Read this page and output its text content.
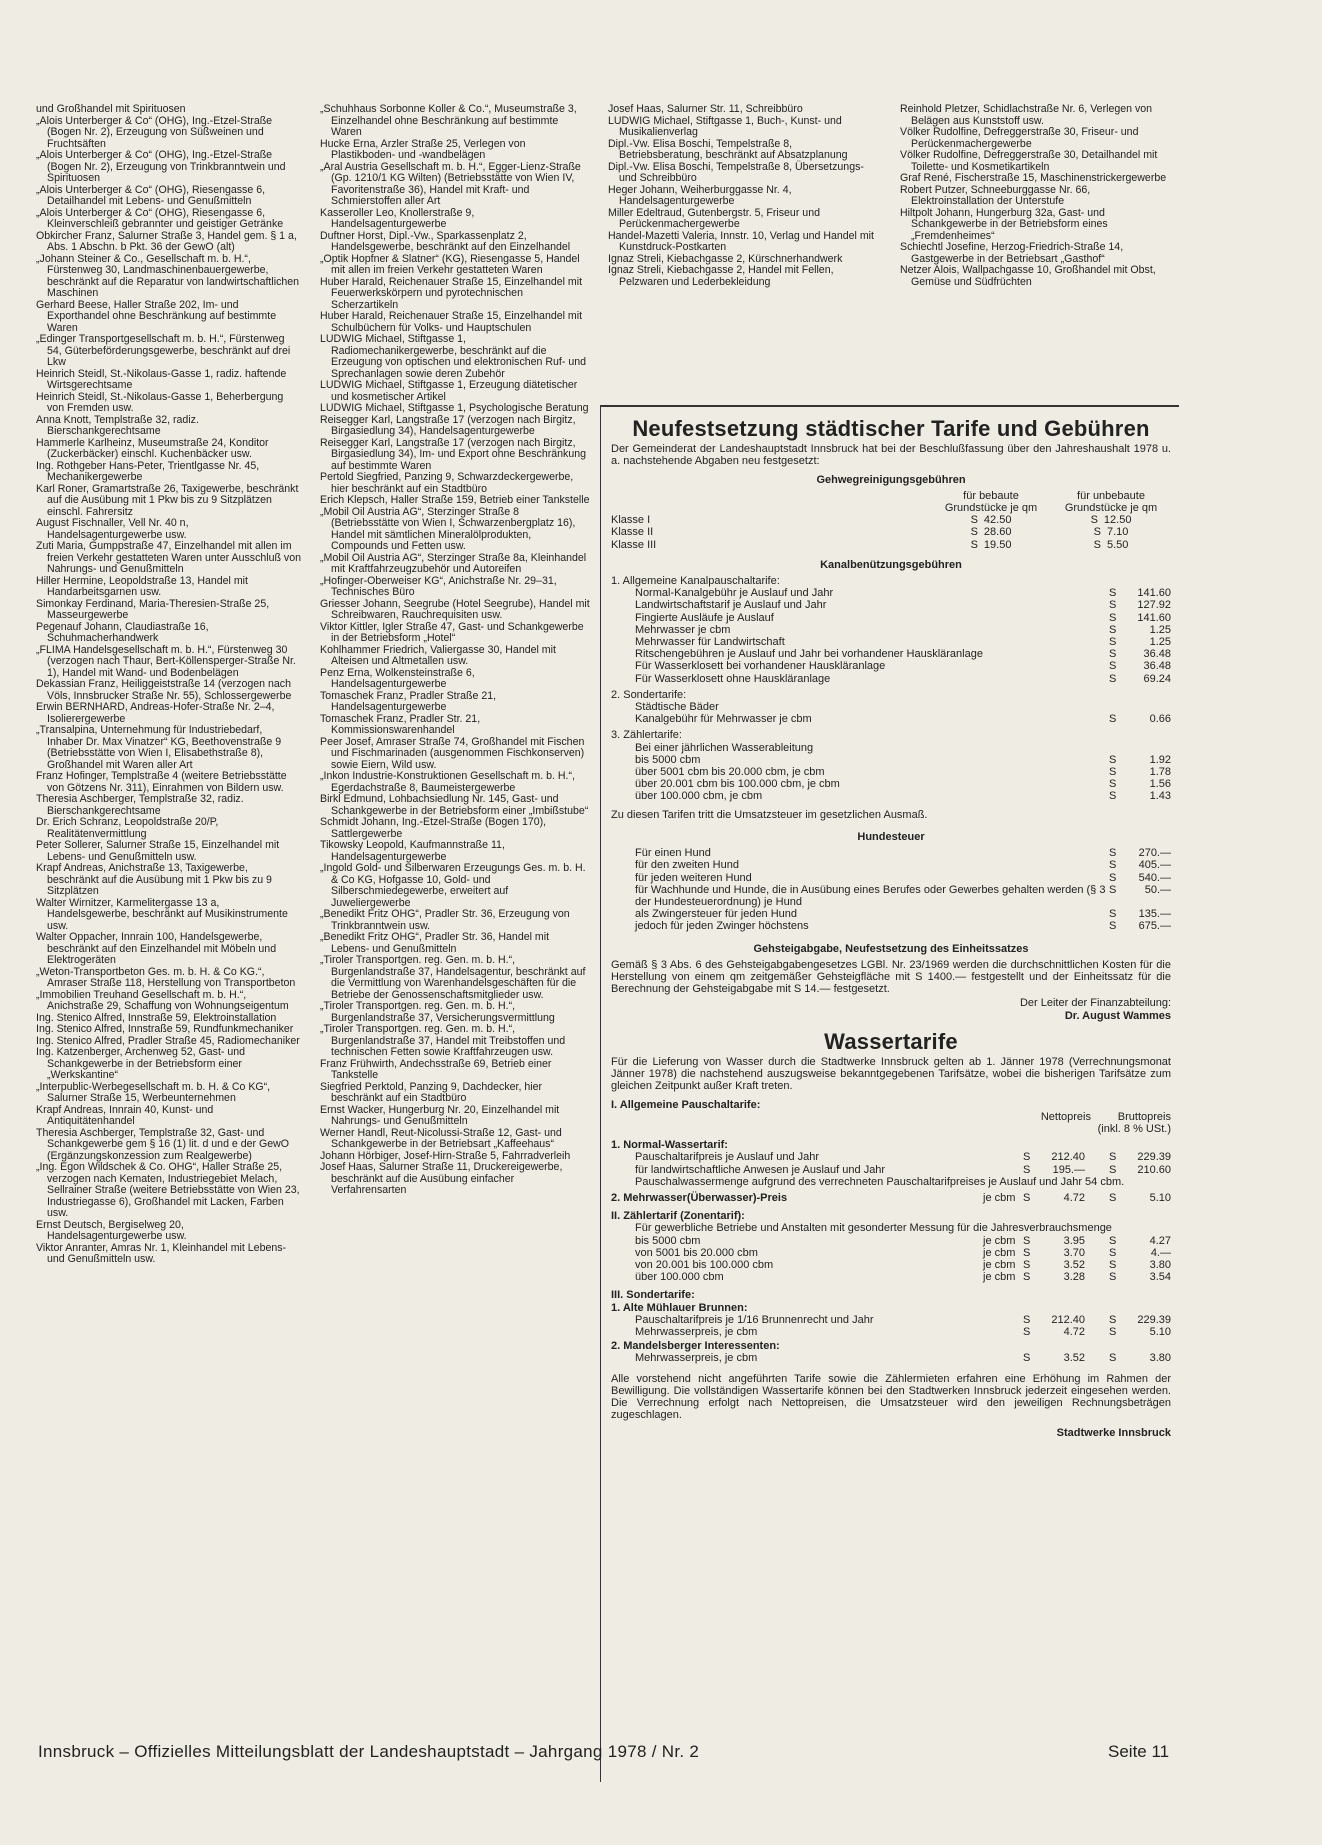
und Großhandel mit Spirituosen

„Alois Unterberger & Co“ (OHG), Ing.-Etzel-Straße (Bogen Nr. 2), Erzeugung von Süßweinen und Fruchtsäften

„Alois Unterberger & Co“ (OHG), Ing.-Etzel-Straße (Bogen Nr. 2), Erzeugung von Trinkbranntwein und Spirituosen

„Alois Unterberger & Co“ (OHG), Riesengasse 6, Detailhandel mit Lebens- und Genußmitteln

„Alois Unterberger & Co“ (OHG), Riesengasse 6, Kleinverschleiß gebrannter und geistiger Getränke

Obkircher Franz, Salurner Straße 3, Handel gem. § 1 a, Abs. 1 Abschn. b Pkt. 36 der GewO (alt)

„Johann Steiner & Co., Gesellschaft m. b. H.“, Fürstenweg 30, Landmaschinenbauergewerbe, beschränkt auf die Reparatur von landwirtschaftlichen Maschinen

Gerhard Beese, Haller Straße 202, Im- und Exporthandel ohne Beschränkung auf bestimmte Waren

„Edinger Transportgesellschaft m. b. H.“, Fürstenweg 54, Güterbeförderungsgewerbe, beschränkt auf drei Lkw

Heinrich Steidl, St.-Nikolaus-Gasse 1, radiz. haftende Wirtsgerechtsame

Heinrich Steidl, St.-Nikolaus-Gasse 1, Beherbergung von Fremden usw.

Anna Knott, Templstraße 32, radiz. Bierschankgerechtsame

Hammerle Karlheinz, Museumstraße 24, Konditor (Zuckerbäcker) einschl. Kuchenbäcker usw.

Ing. Rothgeber Hans-Peter, Trientlgasse Nr. 45, Mechanikergewerbe

Karl Roner, Gramartstraße 26, Taxigewerbe, beschränkt auf die Ausübung mit 1 Pkw bis zu 9 Sitzplätzen einschl. Fahrersitz

August Fischnaller, Vell Nr. 40 n, Handelsagenturgewerbe usw.

Zuti Maria, Gumppstraße 47, Einzelhandel mit allen im freien Verkehr gestatteten Waren unter Ausschluß von Nahrungs- und Genußmitteln

Hiller Hermine, Leopoldstraße 13, Handel mit Handarbeitsgarnen usw.

Simonkay Ferdinand, Maria-Theresien-Straße 25, Masseurgewerbe

Pegenauf Johann, Claudiastraße 16, Schuhmacherhandwerk

„FLIMA Handelsgesellschaft m. b. H.“, Fürstenweg 30 (verzogen nach Thaur, Bert-Köllensperger-Straße Nr. 1), Handel mit Wand- und Bodenbelägen

Dekassian Franz, Heiliggeiststraße 14 (verzogen nach Völs, Innsbrucker Straße Nr. 55), Schlossergewerbe

Erwin BERNHARD, Andreas-Hofer-Straße Nr. 2–4, Isolierergewerbe

„Transalpina, Unternehmung für Industriebedarf, Inhaber Dr. Max Vinatzer“ KG, Beethovenstraße 9 (Betriebsstätte von Wien I, Elisabethstraße 8), Großhandel mit Waren aller Art

Franz Hofinger, Templstraße 4 (weitere Betriebsstätte von Götzens Nr. 311), Einrahmen von Bildern usw.

Theresia Aschberger, Templstraße 32, radiz. Bierschankgerechtsame

Dr. Erich Schranz, Leopoldstraße 20/P, Realitätenvermittlung

Peter Sollerer, Salurner Straße 15, Einzelhandel mit Lebens- und Genußmitteln usw.

Krapf Andreas, Anichstraße 13, Taxigewerbe, beschränkt auf die Ausübung mit 1 Pkw bis zu 9 Sitzplätzen

Walter Wirnitzer, Karmelitergasse 13 a, Handelsgewerbe, beschränkt auf Musikinstrumente usw.

Walter Oppacher, Innrain 100, Handelsgewerbe, beschränkt auf den Einzelhandel mit Möbeln und Elektrogeräten

„Weton-Transportbeton Ges. m. b. H. & Co KG.“, Amraser Straße 118, Herstellung von Transportbeton

„Immobilien Treuhand Gesellschaft m. b. H.“, Anichstraße 29, Schaffung von Wohnungseigentum

Ing. Stenico Alfred, Innstraße 59, Elektroinstallation

Ing. Stenico Alfred, Innstraße 59, Rundfunkmechaniker

Ing. Stenico Alfred, Pradler Straße 45, Radiomechaniker

Ing. Katzenberger, Archenweg 52, Gast- und Schankgewerbe in der Betriebsform einer „Werkskantine“

„Interpublic-Werbegesellschaft m. b. H. & Co KG“, Salurner Straße 15, Werbeunternehmen

Krapf Andreas, Innrain 40, Kunst- und Antiquitätenhandel

Theresia Aschberger, Templstraße 32, Gast- und Schankgewerbe gem § 16 (1) lit. d und e der GewO (Ergänzungskonzession zum Realgewerbe)

„Ing. Egon Wildschek & Co. OHG“, Haller Straße 25, verzogen nach Kematen, Industriegebiet Melach, Sellrainer Straße (weitere Betriebsstätte von Wien 23, Industriegasse 6), Großhandel mit Lacken, Farben usw.

Ernst Deutsch, Bergiselweg 20, Handelsagenturgewerbe usw.

Viktor Anranter, Amras Nr. 1, Kleinhandel mit Lebens- und Genußmitteln usw.

„Schuhhaus Sorbonne Koller & Co.“, Museumstraße 3, Einzelhandel ohne Beschränkung auf bestimmte Waren

Hucke Erna, Arzler Straße 25, Verlegen von Plastikboden- und -wandbelägen

„Aral Austria Gesellschaft m. b. H.“, Egger-Lienz-Straße (Gp. 1210/1 KG Wilten) (Betriebsstätte von Wien IV, Favoritenstraße 36), Handel mit Kraft- und Schmierstoffen aller Art

Kasseroller Leo, Knollerstraße 9, Handelsagenturgewerbe

Duftner Horst, Dipl.-Vw., Sparkassenplatz 2, Handelsgewerbe, beschränkt auf den Einzelhandel

„Optik Hopfner & Slatner“ (KG), Riesengasse 5, Handel mit allen im freien Verkehr gestatteten Waren

Huber Harald, Reichenauer Straße 15, Einzelhandel mit Feuerwerkskörpern und pyrotechnischen Scherzartikeln

Huber Harald, Reichenauer Straße 15, Einzelhandel mit Schulbüchern für Volks- und Hauptschulen

LUDWIG Michael, Stiftgasse 1, Radiomechanikergewerbe, beschränkt auf die Erzeugung von optischen und elektronischen Ruf- und Sprechanlagen sowie deren Zubehör

LUDWIG Michael, Stiftgasse 1, Erzeugung diätetischer und kosmetischer Artikel

LUDWIG Michael, Stiftgasse 1, Psychologische Beratung

Reisegger Karl, Langstraße 17 (verzogen nach Birgitz, Birgasiedlung 34), Handelsagenturgewerbe

Reisegger Karl, Langstraße 17 (verzogen nach Birgitz, Birgasiedlung 34), Im- und Export ohne Beschränkung auf bestimmte Waren

Pertold Siegfried, Panzing 9, Schwarzdeckergewerbe, hier beschränkt auf ein Stadtbüro

Erich Klepsch, Haller Straße 159, Betrieb einer Tankstelle

„Mobil Oil Austria AG“, Sterzinger Straße 8 (Betriebsstätte von Wien I, Schwarzenbergplatz 16), Handel mit sämtlichen Mineralölprodukten, Compounds und Fetten usw.

„Mobil Oil Austria AG“, Sterzinger Straße 8a, Kleinhandel mit Kraftfahrzeugzubehör und Autoreifen

„Hofinger-Oberweiser KG“, Anichstraße Nr. 29–31, Technisches Büro

Griesser Johann, Seegrube (Hotel Seegrube), Handel mit Schreibwaren, Rauchrequisiten usw.

Viktor Kittler, Igler Straße 47, Gast- und Schankgewerbe in der Betriebsform „Hotel“

Kohlhammer Friedrich, Valiergasse 30, Handel mit Alteisen und Altmetallen usw.

Penz Erna, Wolkensteinstraße 6, Handelsagenturgewerbe

Tomaschek Franz, Pradler Straße 21, Handelsagenturgewerbe

Tomaschek Franz, Pradler Str. 21, Kommissionswarenhandel

Peer Josef, Amraser Straße 74, Großhandel mit Fischen und Fischmarinaden (ausgenommen Fischkonserven) sowie Eiern, Wild usw.

„Inkon Industrie-Konstruktionen Gesellschaft m. b. H.“, Egerdachstraße 8, Baumeistergewerbe

Birkl Edmund, Lohbachsiedlung Nr. 145, Gast- und Schankgewerbe in der Betriebsform einer „Imbißstube“

Schmidt Johann, Ing.-Etzel-Straße (Bogen 170), Sattlergewerbe

Tikowsky Leopold, Kaufmannstraße 11, Handelsagenturgewerbe

„Ingold Gold- und Silberwaren Erzeugungs Ges. m. b. H. & Co KG, Hofgasse 10, Gold- und Silberschmiedegewerbe, erweitert auf Juweliergewerbe

„Benedikt Fritz OHG“, Pradler Str. 36, Erzeugung von Trinkbranntwein usw.

„Benedikt Fritz OHG“, Pradler Str. 36, Handel mit Lebens- und Genußmitteln

„Tiroler Transportgen. reg. Gen. m. b. H.“, Burgenlandstraße 37, Handelsagentur, beschränkt auf die Vermittlung von Warenhandelsgeschäften für die Betriebe der Genossenschaftsmitglieder usw.

„Tiroler Transportgen. reg. Gen. m. b. H.“, Burgenlandstraße 37, Versicherungsvermittlung

„Tiroler Transportgen. reg. Gen. m. b. H.“, Burgenlandstraße 37, Handel mit Treibstoffen und technischen Fetten sowie Kraftfahrzeugen usw.

Franz Frühwirth, Andechsstraße 69, Betrieb einer Tankstelle

Siegfried Perktold, Panzing 9, Dachdecker, hier beschränkt auf ein Stadtbüro

Ernst Wacker, Hungerburg Nr. 20, Einzelhandel mit Nahrungs- und Genußmitteln

Werner Handl, Reut-Nicolussi-Straße 12, Gast- und Schankgewerbe in der Betriebsart „Kaffeehaus“

Johann Hörbiger, Josef-Hirn-Straße 5, Fahrradverleih

Josef Haas, Salurner Straße 11, Druckereigewerbe, beschränkt auf die Ausübung einfacher Verfahrensarten

Josef Haas, Salurner Str. 11, Schreibbüro

LUDWIG Michael, Stiftgasse 1, Buch-, Kunst- und Musikalienverlag

Dipl.-Vw. Elisa Boschi, Tempelstraße 8, Betriebsberatung, beschränkt auf Absatzplanung

Dipl.-Vw. Elisa Boschi, Tempelstraße 8, Übersetzungs- und Schreibbüro

Heger Johann, Weiherburggasse Nr. 4, Handelsagenturgewerbe

Miller Edeltraud, Gutenbergstr. 5, Friseur und Perückenmachergewerbe

Handel-Mazetti Valeria, Innstr. 10, Verlag und Handel mit Kunstdruck-Postkarten

Ignaz Streli, Kiebachgasse 2, Kürschnerhandwerk

Ignaz Streli, Kiebachgasse 2, Handel mit Fellen, Pelzwaren und Lederbekleidung

Reinhold Pletzer, Schidlachstraße Nr. 6, Verlegen von Belägen aus Kunststoff usw.

Völker Rudolfine, Defreggerstraße 30, Friseur- und Perückenmachergewerbe

Völker Rudolfine, Defreggerstraße 30, Detailhandel mit Toilette- und Kosmetikartikeln

Graf René, Fischerstraße 15, Maschinenstrickergewerbe

Robert Putzer, Schneeburggasse Nr. 66, Elektroinstallation der Unterstufe

Hiltpolt Johann, Hungerburg 32a, Gast- und Schankgewerbe in der Betriebsform eines „Fremdenheimes“

Schiechtl Josefine, Herzog-Friedrich-Straße 14, Gastgewerbe in der Betriebsart „Gasthof“

Netzer Alois, Wallpachgasse 10, Großhandel mit Obst, Gemüse und Südfrüchten

Neufestsetzung städtischer Tarife und Gebühren

Der Gemeinderat der Landeshauptstadt Innsbruck hat bei der Beschlußfassung über den Jahreshaushalt 1978 u. a. nachstehende Abgaben neu festgesetzt:

Gehwegreinigungsgebühren
	für bebaute Grundstücke je qm	für unbebaute Grundstücke je qm
Klasse I	S 42.50	S 12.50
Klasse II	S 28.60	S 7.10
Klasse III	S 19.50	S 5.50
Kanalbenützungsgebühren
1. Allgemeine Kanalpauschaltarife:
Normal-Kanalgebühr je Auslauf und Jahr	S	141.60
Landwirtschaftstarif je Auslauf und Jahr	S	127.92
Fingierte Ausläufe je Auslauf	S	141.60
Mehrwasser je cbm	S	1.25
Mehrwasser für Landwirtschaft	S	1.25
Ritschengebühren je Auslauf und Jahr bei vorhandener Hauskläranlage	S	36.48
Für Wasserklosett bei vorhandener Hauskläranlage	S	36.48
Für Wasserklosett ohne Hauskläranlage	S	69.24
2. Sondertarife:
Städtische Bäder
Kanalgebühr für Mehrwasser je cbm	S	0.66
3. Zählertarife:
Bei einer jährlichen Wasserableitung
bis 5000 cbm	S	1.92
über 5001 cbm bis 20.000 cbm, je cbm	S	1.78
über 20.001 cbm bis 100.000 cbm, je cbm	S	1.56
über 100.000 cbm, je cbm	S	1.43
Zu diesen Tarifen tritt die Umsatzsteuer im gesetzlichen Ausmaß.
Hundesteuer
Für einen Hund	S	270.—
für den zweiten Hund	S	405.—
für jeden weiteren Hund	S	540.—
für Wachhunde und Hunde, die in Ausübung eines Berufes oder Gewerbes gehalten werden (§ 3 der Hundesteuerordnung) je Hund	S	50.—
als Zwingersteuer für jeden Hund	S	135.—
jedoch für jeden Zwinger höchstens	S	675.—
Gehsteigabgabe, Neufestsetzung des Einheitssatzes

Gemäß § 3 Abs. 6 des Gehsteigabgabengesetzes LGBl. Nr. 23/1969 werden die durchschnittlichen Kosten für die Herstellung von einem qm zeitgemäßer Gehsteigfläche mit S 1400.— festgestellt und der Einheitssatz für die Berechnung der Gehsteigabgabe mit S 14.— festgesetzt.

Der Leiter der Finanzabteilung:
Dr. August Wammes
Wassertarife

Für die Lieferung von Wasser durch die Stadtwerke Innsbruck gelten ab 1. Jänner 1978 (Verrechnungsmonat Jänner 1978) die nachstehend auszugsweise bekanntgegebenen Tarifsätze, wobei die bisherigen Tarifsätze zum gleichen Zeitpunkt außer Kraft treten.

I. Allgemeine Pauschaltarife:
	Nettopreis	Bruttopreis
		(inkl. 8 % USt.)
1. Normal-Wassertarif:
Pauschaltarifpreis je Auslauf und Jahr		S	212.40	S	229.39
für landwirtschaftliche Anwesen je Auslauf und Jahr		S	195.—	S	210.60
Pauschalwassermenge aufgrund des verrechneten Pauschaltarifpreises je Auslauf und Jahr 54 cbm.
2. Mehrwasser(Überwasser)-Preis	je cbm	S	4.72	S	5.10
II. Zählertarif (Zonentarif):
Für gewerbliche Betriebe und Anstalten mit gesonderter Messung für die Jahresverbrauchsmenge
bis 5000 cbm	je cbm	S	3.95	S	4.27
von 5001 bis 20.000 cbm	je cbm	S	3.70	S	4.—
von 20.001 bis 100.000 cbm	je cbm	S	3.52	S	3.80
über 100.000 cbm	je cbm	S	3.28	S	3.54
III. Sondertarife:
1. Alte Mühlauer Brunnen:
Pauschaltarifpreis je 1/16 Brunnenrecht und Jahr		S	212.40	S	229.39
Mehrwasserpreis, je cbm		S	4.72	S	5.10
2. Mandelsberger Interessenten:
Mehrwasserpreis, je cbm		S	3.52	S	3.80

Alle vorstehend nicht angeführten Tarife sowie die Zählermieten erfahren eine Erhöhung im Rahmen der Bewilligung. Die vollständigen Wassertarife können bei den Stadtwerken Innsbruck jederzeit eingesehen werden. Die Verrechnung erfolgt nach Nettopreisen, die Umsatzsteuer wird den jeweiligen Rechnungsbeträgen zugeschlagen.

Stadtwerke Innsbruck
Innsbruck – Offizielles Mitteilungsblatt der Landeshauptstadt – Jahrgang 1978 / Nr. 2	Seite 11
